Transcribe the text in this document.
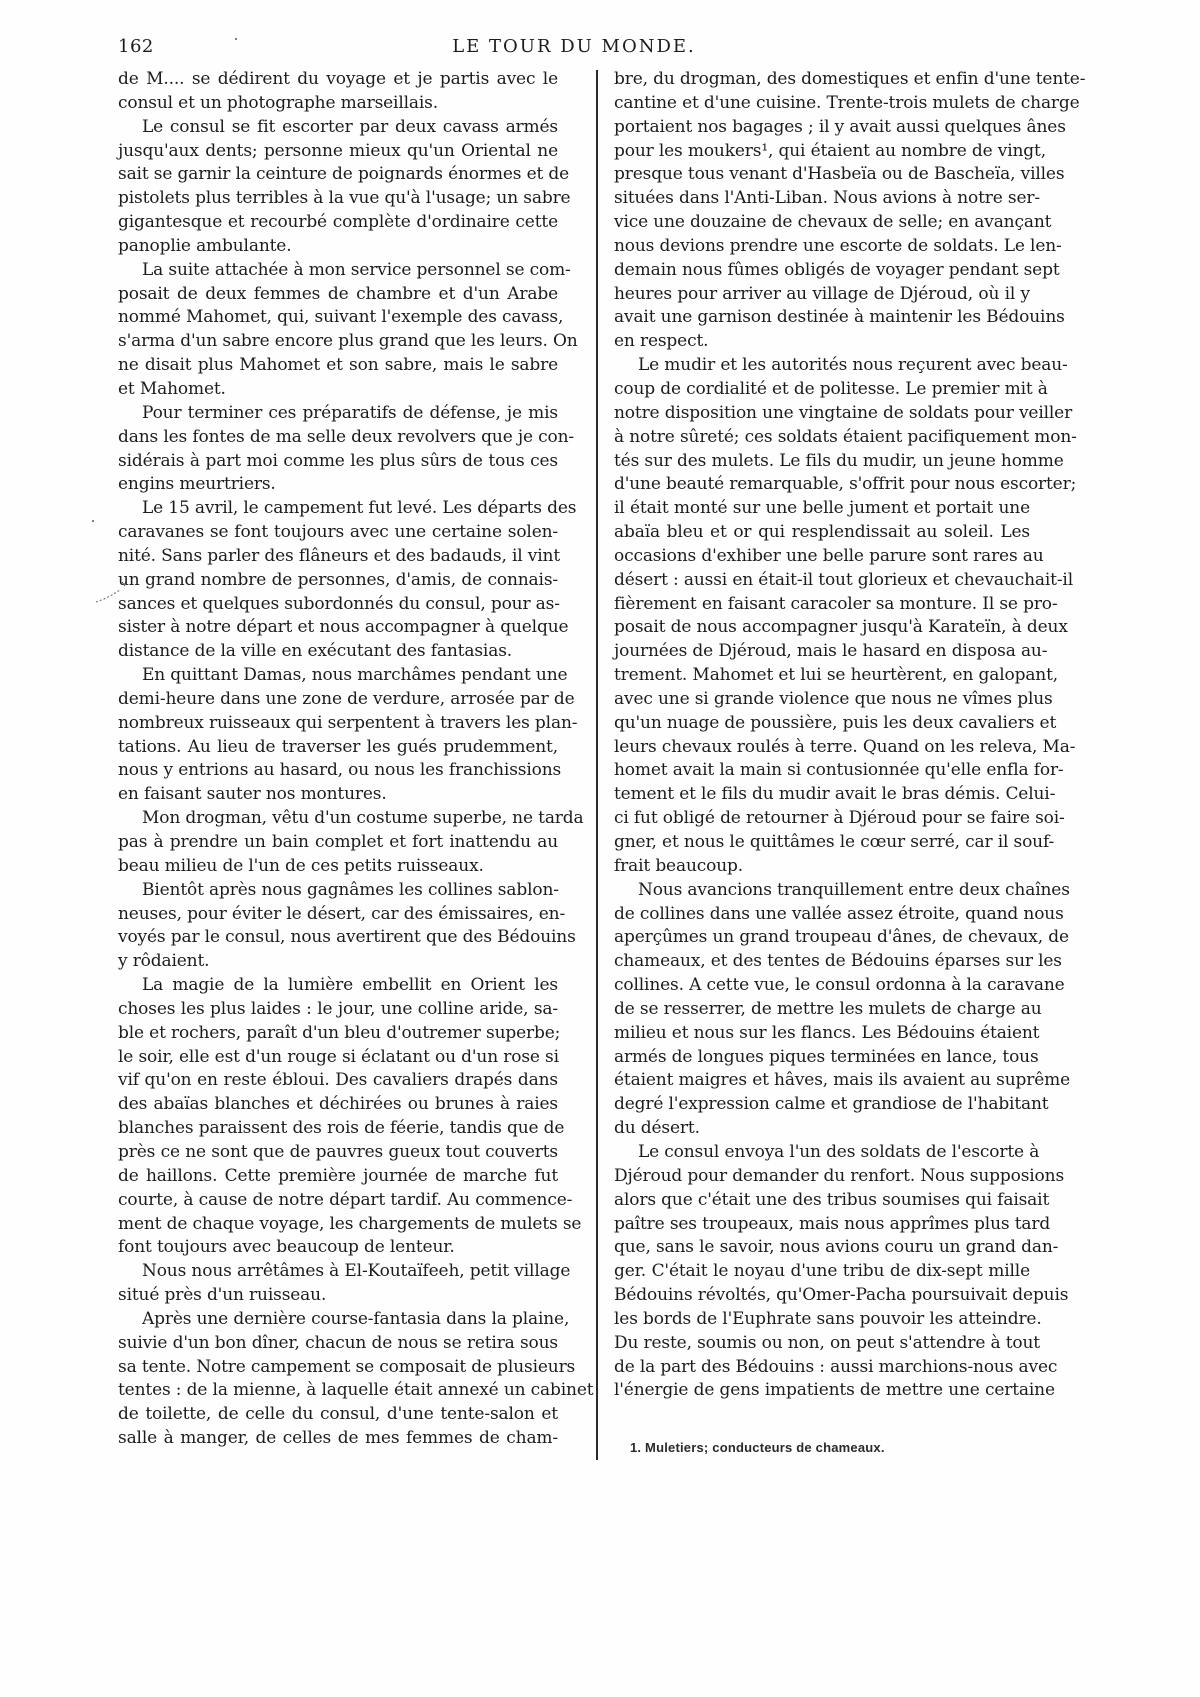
162	LE TOUR DU MONDE.
de M.... se dédirent du voyage et je partis avec le
consul et un photographe marseillais.
Le consul se fit escorter par deux cavass armés
jusqu'aux dents; personne mieux qu'un Oriental ne
sait se garnir la ceinture de poignards énormes et de
pistolets plus terribles à la vue qu'à l'usage; un sabre
gigantesque et recourbé complète d'ordinaire cette
panoplie ambulante.
La suite attachée à mon service personnel se com-
posait de deux femmes de chambre et d'un Arabe
nommé Mahomet, qui, suivant l'exemple des cavass,
s'arma d'un sabre encore plus grand que les leurs. On
ne disait plus Mahomet et son sabre, mais le sabre
et Mahomet.
Pour terminer ces préparatifs de défense, je mis
dans les fontes de ma selle deux revolvers que je con-
sidérais à part moi comme les plus sûrs de tous ces
engins meurtriers.
Le 15 avril, le campement fut levé. Les départs des
caravanes se font toujours avec une certaine solen-
nité. Sans parler des flâneurs et des badauds, il vint
un grand nombre de personnes, d'amis, de connais-
sances et quelques subordonnés du consul, pour as-
sister à notre départ et nous accompagner à quelque
distance de la ville en exécutant des fantasias.
En quittant Damas, nous marchâmes pendant une
demi-heure dans une zone de verdure, arrosée par de
nombreux ruisseaux qui serpentent à travers les plan-
tations. Au lieu de traverser les gués prudemment,
nous y entrions au hasard, ou nous les franchissions
en faisant sauter nos montures.
Mon drogman, vêtu d'un costume superbe, ne tarda
pas à prendre un bain complet et fort inattendu au
beau milieu de l'un de ces petits ruisseaux.
Bientôt après nous gagnâmes les collines sablon-
neuses, pour éviter le désert, car des émissaires, en-
voyés par le consul, nous avertirent que des Bédouins
y rôdaient.
La magie de la lumière embellit en Orient les
choses les plus laides : le jour, une colline aride, sa-
ble et rochers, paraît d'un bleu d'outremer superbe;
le soir, elle est d'un rouge si éclatant ou d'un rose si
vif qu'on en reste ébloui. Des cavaliers drapés dans
des abaïas blanches et déchirées ou brunes à raies
blanches paraissent des rois de féerie, tandis que de
près ce ne sont que de pauvres gueux tout couverts
de haillons. Cette première journée de marche fut
courte, à cause de notre départ tardif. Au commence-
ment de chaque voyage, les chargements de mulets se
font toujours avec beaucoup de lenteur.
Nous nous arrêtâmes à El-Koutaïfeeh, petit village
situé près d'un ruisseau.
Après une dernière course-fantasia dans la plaine,
suivie d'un bon dîner, chacun de nous se retira sous
sa tente. Notre campement se composait de plusieurs
tentes : de la mienne, à laquelle était annexé un cabinet
de toilette, de celle du consul, d'une tente-salon et
salle à manger, de celles de mes femmes de cham-
bre, du drogman, des domestiques et enfin d'une tente-
cantine et d'une cuisine. Trente-trois mulets de charge
portaient nos bagages ; il y avait aussi quelques ânes
pour les moukers¹, qui étaient au nombre de vingt,
presque tous venant d'Hasbeïa ou de Bascheïa, villes
situées dans l'Anti-Liban. Nous avions à notre ser-
vice une douzaine de chevaux de selle; en avançant
nous devions prendre une escorte de soldats. Le len-
demain nous fûmes obligés de voyager pendant sept
heures pour arriver au village de Djéroud, où il y
avait une garnison destinée à maintenir les Bédouins
en respect.
Le mudir et les autorités nous reçurent avec beau-
coup de cordialité et de politesse. Le premier mit à
notre disposition une vingtaine de soldats pour veiller
à notre sûreté; ces soldats étaient pacifiquement mon-
tés sur des mulets. Le fils du mudir, un jeune homme
d'une beauté remarquable, s'offrit pour nous escorter;
il était monté sur une belle jument et portait une
abaïa bleu et or qui resplendissait au soleil. Les
occasions d'exhiber une belle parure sont rares au
désert : aussi en était-il tout glorieux et chevauchait-il
fièrement en faisant caracoler sa monture. Il se pro-
posait de nous accompagner jusqu'à Karateïn, à deux
journées de Djéroud, mais le hasard en disposa au-
trement. Mahomet et lui se heurtèrent, en galopant,
avec une si grande violence que nous ne vîmes plus
qu'un nuage de poussière, puis les deux cavaliers et
leurs chevaux roulés à terre. Quand on les releva, Ma-
homet avait la main si contusionnée qu'elle enfla for-
tement et le fils du mudir avait le bras démis. Celui-
ci fut obligé de retourner à Djéroud pour se faire soi-
gner, et nous le quittâmes le cœur serré, car il souf-
frait beaucoup.
Nous avancions tranquillement entre deux chaînes
de collines dans une vallée assez étroite, quand nous
aperçûmes un grand troupeau d'ânes, de chevaux, de
chameaux, et des tentes de Bédouins éparses sur les
collines. A cette vue, le consul ordonna à la caravane
de se resserrer, de mettre les mulets de charge au
milieu et nous sur les flancs. Les Bédouins étaient
armés de longues piques terminées en lance, tous
étaient maigres et hâves, mais ils avaient au suprême
degré l'expression calme et grandiose de l'habitant
du désert.
Le consul envoya l'un des soldats de l'escorte à
Djéroud pour demander du renfort. Nous supposions
alors que c'était une des tribus soumises qui faisait
paître ses troupeaux, mais nous apprîmes plus tard
que, sans le savoir, nous avions couru un grand dan-
ger. C'était le noyau d'une tribu de dix-sept mille
Bédouins révoltés, qu'Omer-Pacha poursuivait depuis
les bords de l'Euphrate sans pouvoir les atteindre.
Du reste, soumis ou non, on peut s'attendre à tout
de la part des Bédouins : aussi marchions-nous avec
l'énergie de gens impatients de mettre une certaine
1. Muletiers; conducteurs de chameaux.
